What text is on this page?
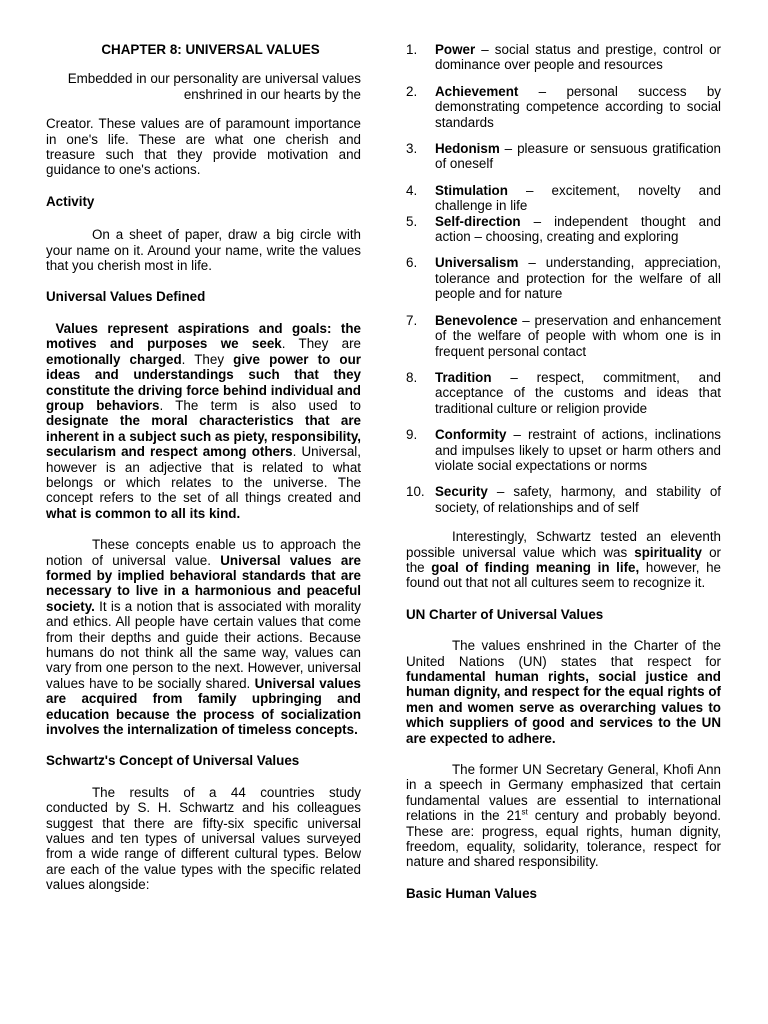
CHAPTER 8: UNIVERSAL VALUES

Embedded in our personality are universal values

enshrined in our hearts by the

Creator. These values are of paramount importance in one's life. These are what one cherish and treasure such that they provide motivation and guidance to one's actions.

Activity

On a sheet of paper, draw a big circle with your name on it. Around your name, write the values that you cherish most in life.

Universal Values Defined

Values represent aspirations and goals: the motives and purposes we seek. They are emotionally charged. They give power to our ideas and understandings such that they constitute the driving force behind individual and group behaviors. The term is also used to designate the moral characteristics that are inherent in a subject such as piety, responsibility, secularism and respect among others. Universal, however is an adjective that is related to what belongs or which relates to the universe. The concept refers to the set of all things created and what is common to all its kind.

These concepts enable us to approach the notion of universal value. Universal values are formed by implied behavioral standards that are necessary to live in a harmonious and peaceful society. It is a notion that is associated with morality and ethics. All people have certain values that come from their depths and guide their actions. Because humans do not think all the same way, values can vary from one person to the next. However, universal values have to be socially shared. Universal values are acquired from family upbringing and education because the process of socialization involves the internalization of timeless concepts.

Schwartz's Concept of Universal Values

The results of a 44 countries study conducted by S. H. Schwartz and his colleagues suggest that there are fifty-six specific universal values and ten types of universal values surveyed from a wide range of different cultural types. Below are each of the value types with the specific related values alongside:

1. Power – social status and prestige, control or dominance over people and resources
2. Achievement – personal success by demonstrating competence according to social standards
3. Hedonism – pleasure or sensuous gratification of oneself
4. Stimulation – excitement, novelty and challenge in life
5. Self-direction – independent thought and action – choosing, creating and exploring
6. Universalism – understanding, appreciation, tolerance and protection for the welfare of all people and for nature
7. Benevolence – preservation and enhancement of the welfare of people with whom one is in frequent personal contact
8. Tradition – respect, commitment, and acceptance of the customs and ideas that traditional culture or religion provide
9. Conformity – restraint of actions, inclinations and impulses likely to upset or harm others and violate social expectations or norms
10. Security – safety, harmony, and stability of society, of relationships and of self

Interestingly, Schwartz tested an eleventh possible universal value which was spirituality or the goal of finding meaning in life, however, he found out that not all cultures seem to recognize it.

UN Charter of Universal Values

The values enshrined in the Charter of the United Nations (UN) states that respect for fundamental human rights, social justice and human dignity, and respect for the equal rights of men and women serve as overarching values to which suppliers of good and services to the UN are expected to adhere.

The former UN Secretary General, Khofi Ann in a speech in Germany emphasized that certain fundamental values are essential to international relations in the 21st century and probably beyond. These are: progress, equal rights, human dignity, freedom, equality, solidarity, tolerance, respect for nature and shared responsibility.

Basic Human Values
